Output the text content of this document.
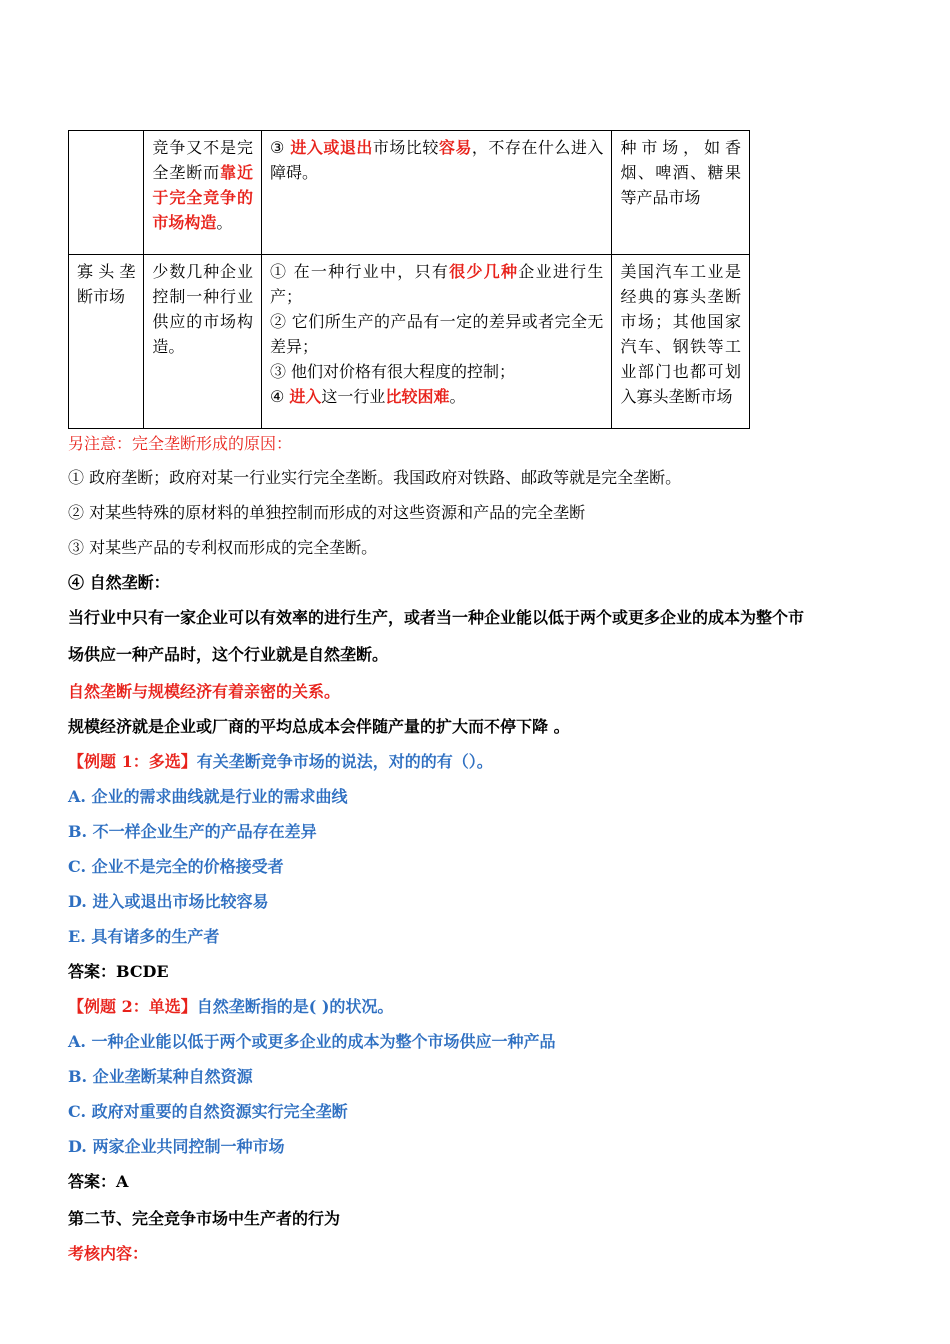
	竞争又不是完全垄断而靠近于完全竞争的市场构造。	③ 进入或退出市场比较容易，不存在什么进入障碍。	种市场，如香烟、啤酒、糖果等产品市场
寡头垄断市场	少数几种企业控制一种行业供应的市场构造。	① 在一种行业中，只有很少几种企业进行生产；
② 它们所生产的产品有一定的差异或者完全无差异；
③ 他们对价格有很大程度的控制；
④ 进入这一行业比较困难。	美国汽车工业是经典的寡头垄断市场；其他国家汽车、钢铁等工业部门也都可划入寡头垄断市场
另注意：完全垄断形成的原因：
① 政府垄断；政府对某一行业实行完全垄断。我国政府对铁路、邮政等就是完全垄断。
② 对某些特殊的原材料的单独控制而形成的对这些资源和产品的完全垄断
③ 对某些产品的专利权而形成的完全垄断。
④ 自然垄断：
当行业中只有一家企业可以有效率的进行生产，或者当一种企业能以低于两个或更多企业的成本为整个市
场供应一种产品时，这个行业就是自然垄断。
自然垄断与规模经济有着亲密的关系。
规模经济就是企业或厂商的平均总成本会伴随产量的扩大而不停下降 。
【例题 1：多选】有关垄断竞争市场的说法，对的的有（）。
A. 企业的需求曲线就是行业的需求曲线
B. 不一样企业生产的产品存在差异
C. 企业不是完全的价格接受者
D. 进入或退出市场比较容易
E. 具有诸多的生产者
答案：BCDE
【例题 2：单选】自然垄断指的是( )的状况。
A. 一种企业能以低于两个或更多企业的成本为整个市场供应一种产品
B. 企业垄断某种自然资源
C. 政府对重要的自然资源实行完全垄断
D. 两家企业共同控制一种市场
答案：A
第二节、完全竞争市场中生产者的行为
考核内容：
